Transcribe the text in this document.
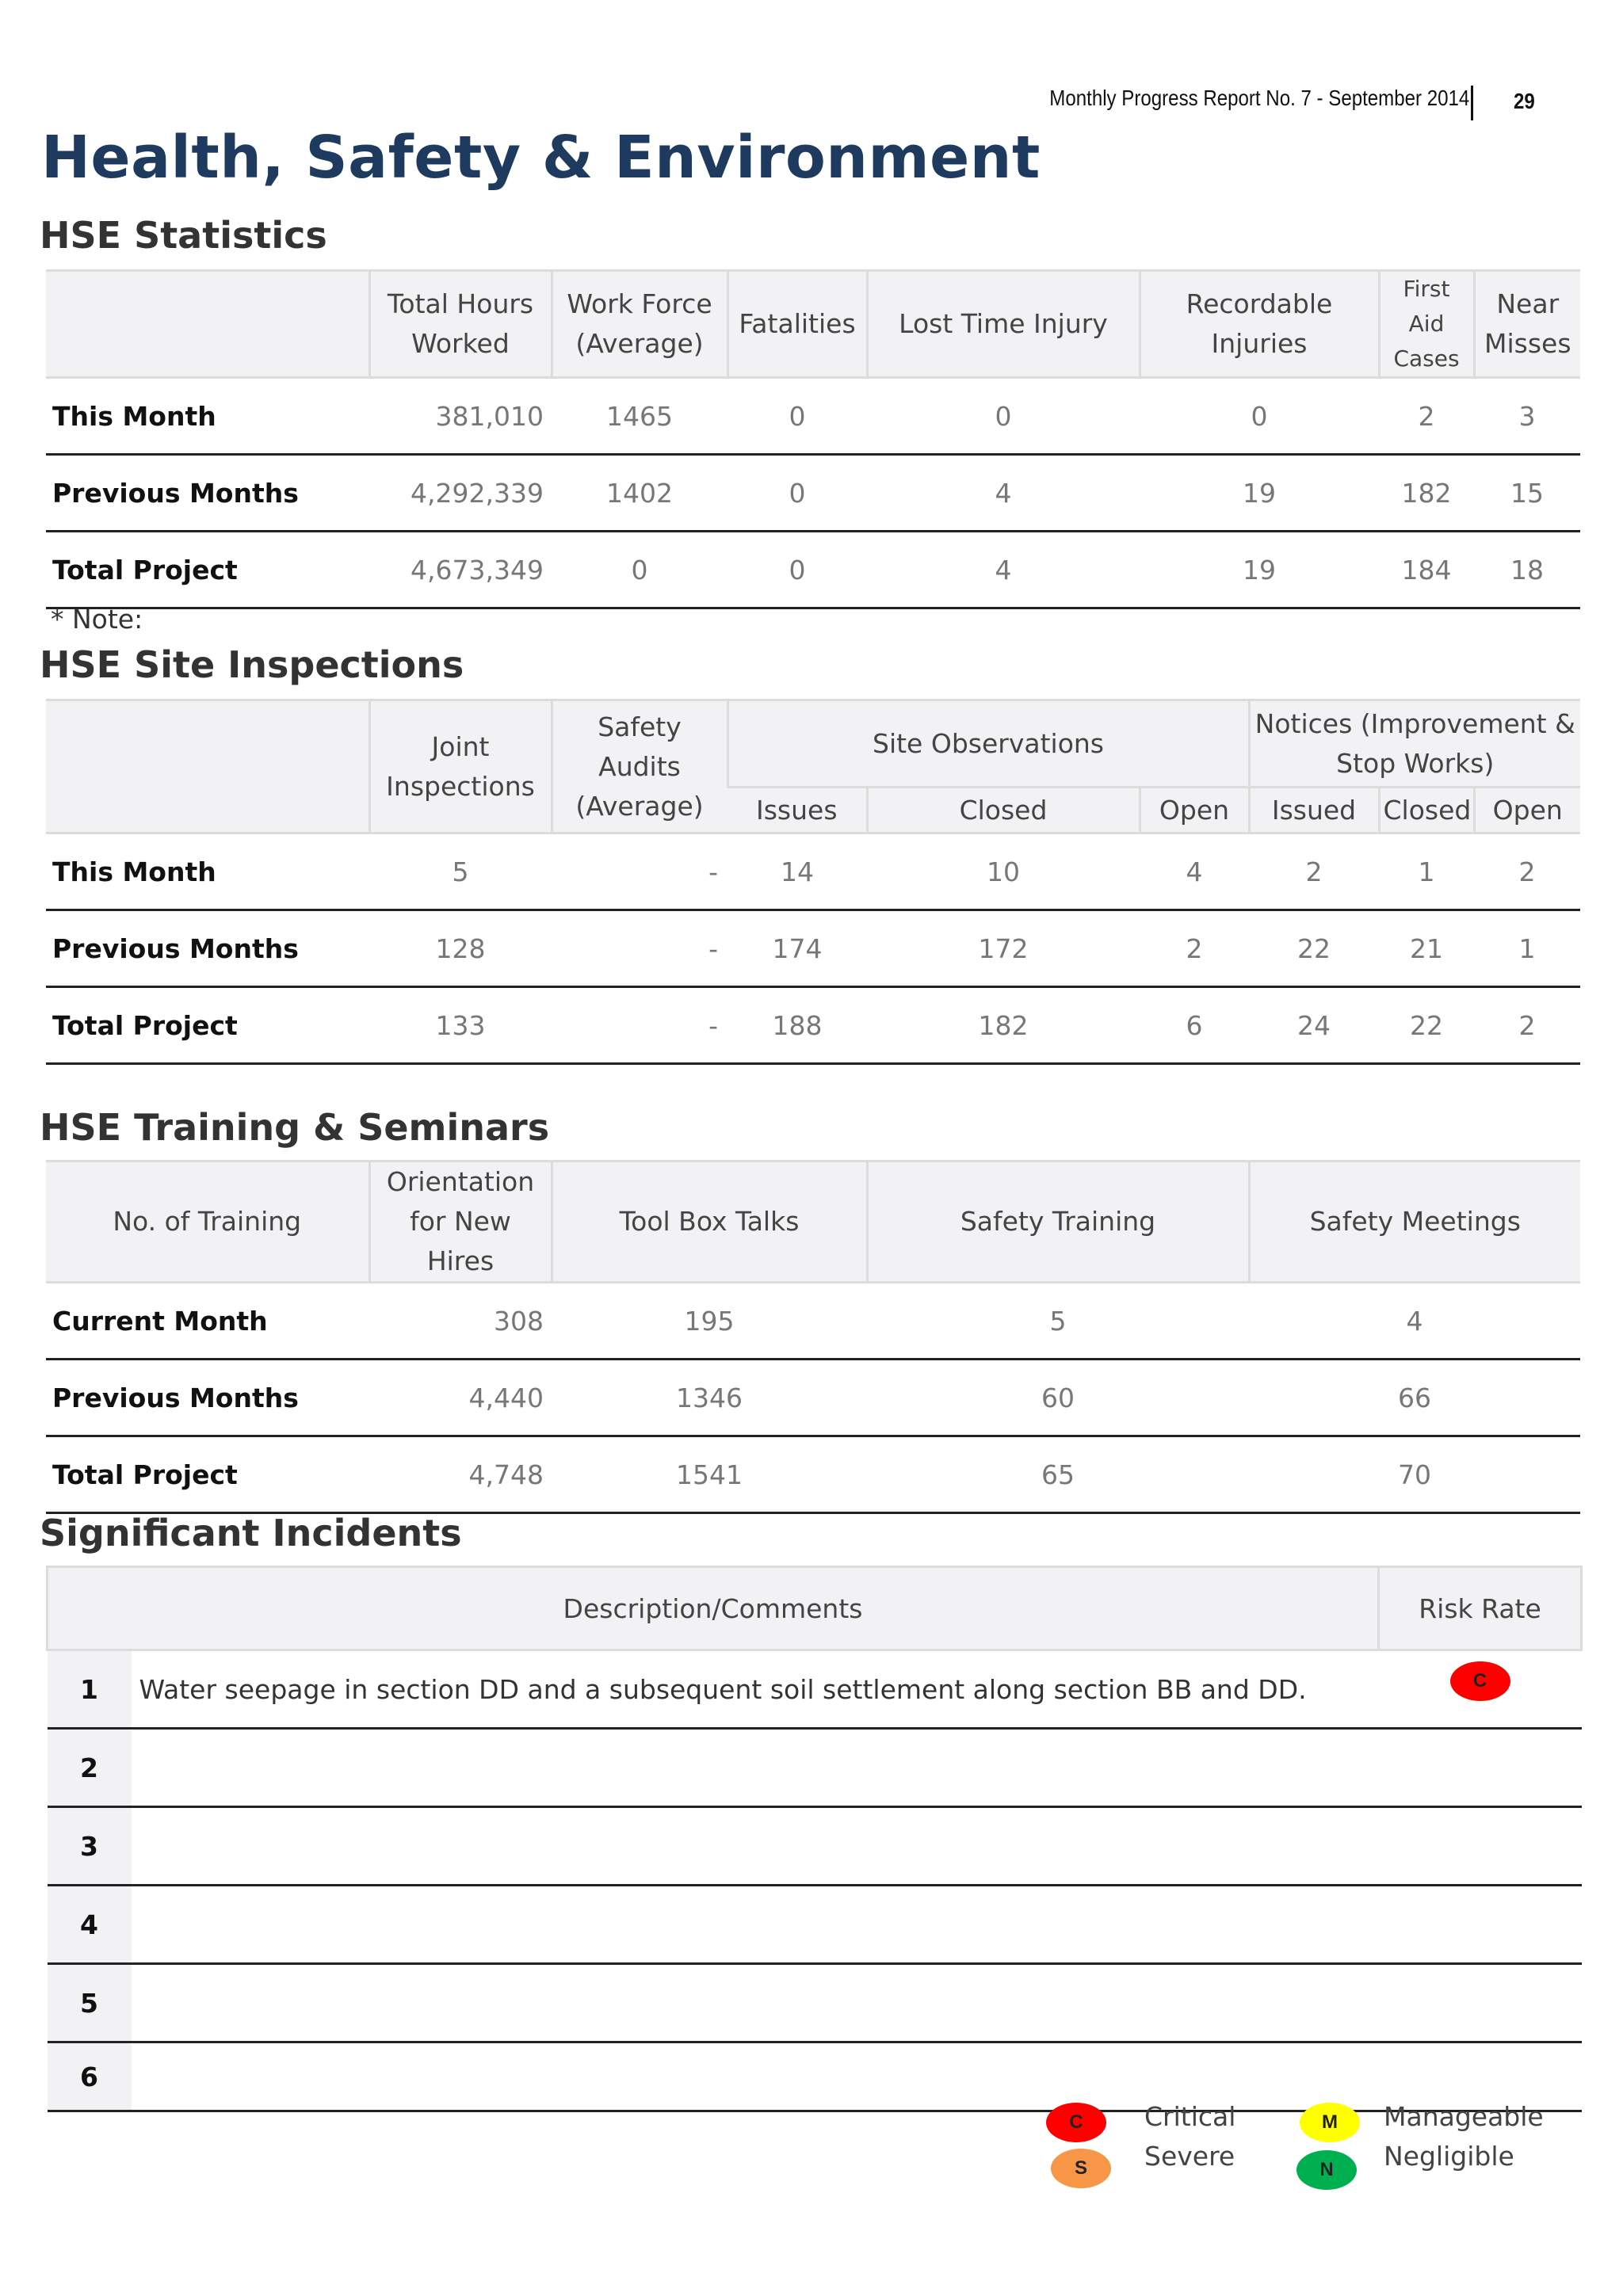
Monthly Progress Report No. 7 - September 2014 29
Health, Safety & Environment
HSE Statistics
	Total Hours Worked	Work Force (Average)	Fatalities	Lost Time Injury	Recordable Injuries	First Aid Cases	Near Misses
This Month	381,010	1465	0	0	0	2	3
Previous Months	4,292,339	1402	0	4	19	182	15
Total Project	4,673,349	0	0	4	19	184	18
* Note:
HSE Site Inspections
	Joint Inspections	Safety Audits (Average)	Site Observations			Notices (Improvement & Stop Works)		
			Issues	Closed	Open	Issued	Closed	Open
This Month	5	-	14	10	4	2	1	2
Previous Months	128	-	174	172	2	22	21	1
Total Project	133	-	188	182	6	24	22	2
HSE Training & Seminars
No. of Training	Orientation for New Hires	Tool Box Talks	Safety Training	Safety Meetings
Current Month	308	195	5	4
Previous Months	4,440	1346	60	66
Total Project	4,748	1541	65	70
Significant Incidents
Description/Comments		Risk Rate
1	Water seepage in section DD and a subsequent soil settlement along section BB and DD.	C
2		
3		
4		
5		
6		
C	Critical
S	Severe
M	Manageable
N	Negligible
